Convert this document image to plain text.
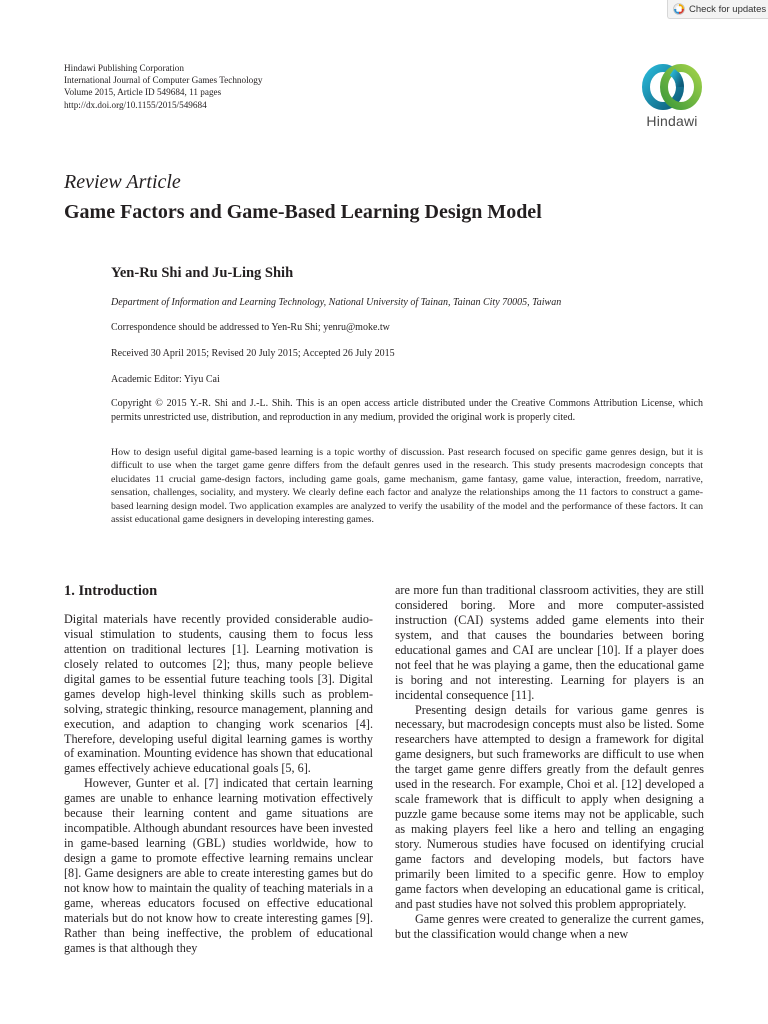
Check for updates
Hindawi Publishing Corporation
International Journal of Computer Games Technology
Volume 2015, Article ID 549684, 11 pages
http://dx.doi.org/10.1155/2015/549684
Hindawi
Review Article
Game Factors and Game-Based Learning Design Model
Yen-Ru Shi and Ju-Ling Shih
Department of Information and Learning Technology, National University of Tainan, Tainan City 70005, Taiwan
Correspondence should be addressed to Yen-Ru Shi; yenru@moke.tw
Received 30 April 2015; Revised 20 July 2015; Accepted 26 July 2015
Academic Editor: Yiyu Cai
Copyright © 2015 Y.-R. Shi and J.-L. Shih. This is an open access article distributed under the Creative Commons Attribution License, which permits unrestricted use, distribution, and reproduction in any medium, provided the original work is properly cited.
How to design useful digital game-based learning is a topic worthy of discussion. Past research focused on specific game genres design, but it is difficult to use when the target game genre differs from the default genres used in the research. This study presents macrodesign concepts that elucidates 11 crucial game-design factors, including game goals, game mechanism, game fantasy, game value, interaction, freedom, narrative, sensation, challenges, sociality, and mystery. We clearly define each factor and analyze the relationships among the 11 factors to construct a game-based learning design model. Two application examples are analyzed to verify the usability of the model and the performance of these factors. It can assist educational game designers in developing interesting games.
1. Introduction

Digital materials have recently provided considerable audio-visual stimulation to students, causing them to focus less attention on traditional lectures [1]. Learning motivation is closely related to outcomes [2]; thus, many people believe digital games to be essential future teaching tools [3]. Digital games develop high-level thinking skills such as problem-solving, strategic thinking, resource management, planning and execution, and adaption to changing work scenarios [4]. Therefore, developing useful digital learning games is worthy of examination. Mounting evidence has shown that educational games effectively achieve educational goals [5, 6].

However, Gunter et al. [7] indicated that certain learning games are unable to enhance learning motivation effectively because their learning content and game situations are incompatible. Although abundant resources have been invested in game-based learning (GBL) studies worldwide, how to design a game to promote effective learning remains unclear [8]. Game designers are able to create interesting games but do not know how to maintain the quality of teaching materials in a game, whereas educators focused on effective educational materials but do not know how to create interesting games [9]. Rather than being ineffective, the problem of educational games is that although they

are more fun than traditional classroom activities, they are still considered boring. More and more computer-assisted instruction (CAI) systems added game elements into their system, and that causes the boundaries between boring educational games and CAI are unclear [10]. If a player does not feel that he was playing a game, then the educational game is boring and not interesting. Learning for players is an incidental consequence [11].

Presenting design details for various game genres is necessary, but macrodesign concepts must also be listed. Some researchers have attempted to design a framework for digital game designers, but such frameworks are difficult to use when the target game genre differs greatly from the default genres used in the research. For example, Choi et al. [12] developed a scale framework that is difficult to apply when designing a puzzle game because some items may not be applicable, such as making players feel like a hero and telling an engaging story. Numerous studies have focused on identifying crucial game factors and developing models, but factors have primarily been limited to a specific genre. How to employ game factors when developing an educational game is critical, and past studies have not solved this problem appropriately.

Game genres were created to generalize the current games, but the classification would change when a new
